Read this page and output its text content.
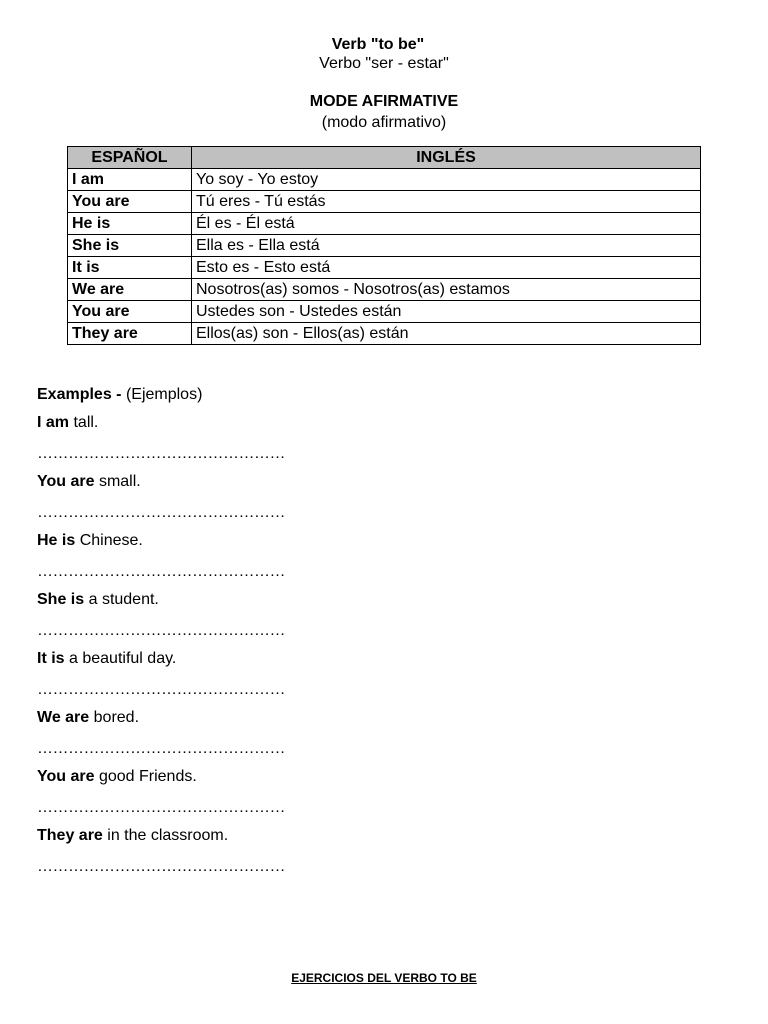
Verb "to be"
Verbo "ser - estar"
MODE AFIRMATIVE
(modo afirmativo)
ESPAÑOL	INGLÉS
I am	Yo soy - Yo estoy
You are	Tú eres - Tú estás
He is	Él es - Él está
She is	Ella es - Ella está
It is	Esto es - Esto está
We are	Nosotros(as) somos - Nosotros(as) estamos
You are	Ustedes son - Ustedes están
They are	Ellos(as) son - Ellos(as) están
Examples - (Ejemplos)
I am tall.
…………………………………………
You are small.
…………………………………………
He is Chinese.
…………………………………………
She is a student.
…………………………………………
It is a beautiful day.
…………………………………………
We are bored.
…………………………………………
You are good Friends.
…………………………………………
They are in the classroom.
…………………………………………
EJERCICIOS DEL VERBO TO BE
